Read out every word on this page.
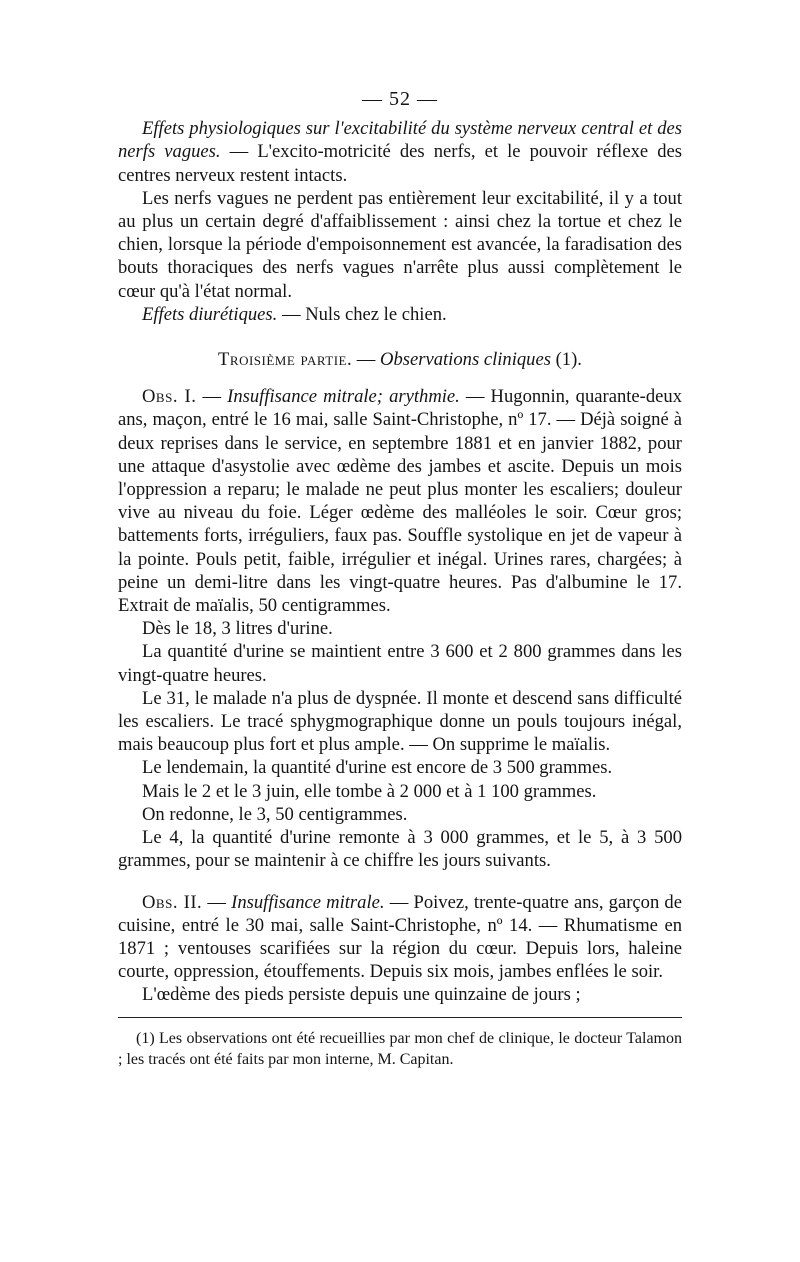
— 52 —

Effets physiologiques sur l'excitabilité du système nerveux central et des nerfs vagues. — L'excito-motricité des nerfs, et le pouvoir réflexe des centres nerveux restent intacts.

Les nerfs vagues ne perdent pas entièrement leur excitabilité, il y a tout au plus un certain degré d'affaiblissement : ainsi chez la tortue et chez le chien, lorsque la période d'empoisonnement est avancée, la faradisation des bouts thoraciques des nerfs vagues n'arrête plus aussi complètement le cœur qu'à l'état normal.

Effets diurétiques. — Nuls chez le chien.

Troisième partie. — Observations cliniques (1).

Obs. I. — Insuffisance mitrale; arythmie. — Hugonnin, quarante-deux ans, maçon, entré le 16 mai, salle Saint-Christophe, nº 17. — Déjà soigné à deux reprises dans le service, en septembre 1881 et en janvier 1882, pour une attaque d'asystolie avec œdème des jambes et ascite. Depuis un mois l'oppression a reparu; le malade ne peut plus monter les escaliers; douleur vive au niveau du foie. Léger œdème des malléoles le soir. Cœur gros; battements forts, irréguliers, faux pas. Souffle systolique en jet de vapeur à la pointe. Pouls petit, faible, irrégulier et inégal. Urines rares, chargées; à peine un demi-litre dans les vingt-quatre heures. Pas d'albumine le 17. Extrait de maïalis, 50 centigrammes.

Dès le 18, 3 litres d'urine.

La quantité d'urine se maintient entre 3 600 et 2 800 grammes dans les vingt-quatre heures.

Le 31, le malade n'a plus de dyspnée. Il monte et descend sans difficulté les escaliers. Le tracé sphygmographique donne un pouls toujours inégal, mais beaucoup plus fort et plus ample. — On supprime le maïalis.

Le lendemain, la quantité d'urine est encore de 3 500 grammes.

Mais le 2 et le 3 juin, elle tombe à 2 000 et à 1 100 grammes.

On redonne, le 3, 50 centigrammes.

Le 4, la quantité d'urine remonte à 3 000 grammes, et le 5, à 3 500 grammes, pour se maintenir à ce chiffre les jours suivants.

Obs. II. — Insuffisance mitrale. — Poivez, trente-quatre ans, garçon de cuisine, entré le 30 mai, salle Saint-Christophe, nº 14. — Rhumatisme en 1871 ; ventouses scarifiées sur la région du cœur. Depuis lors, haleine courte, oppression, étouffements. Depuis six mois, jambes enflées le soir.

L'œdème des pieds persiste depuis une quinzaine de jours ;

(1) Les observations ont été recueillies par mon chef de clinique, le docteur Talamon ; les tracés ont été faits par mon interne, M. Capitan.
